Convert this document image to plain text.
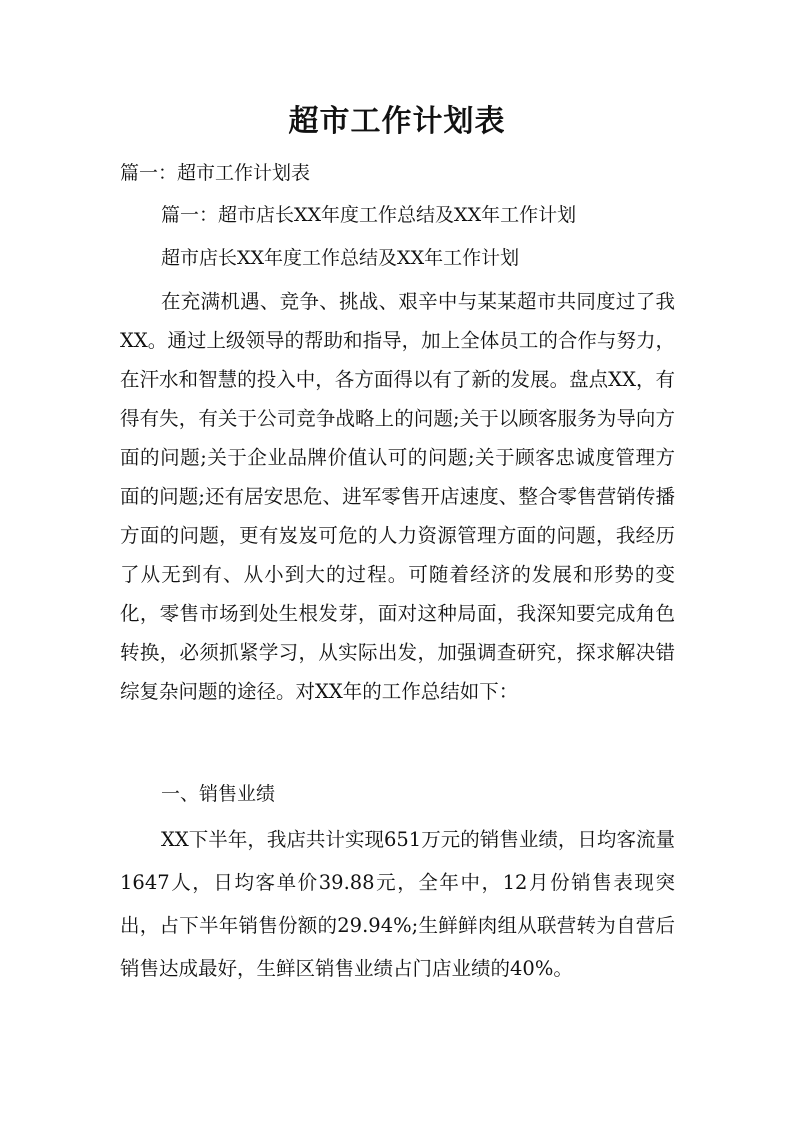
超市工作计划表
篇一：超市工作计划表
篇一：超市店长XX年度工作总结及XX年工作计划
超市店长XX年度工作总结及XX年工作计划

在充满机遇、竞争、挑战、艰辛中与某某超市共同度过了我XX。通过上级领导的帮助和指导，加上全体员工的合作与努力，在汗水和智慧的投入中，各方面得以有了新的发展。盘点XX，有得有失，有关于公司竞争战略上的问题;关于以顾客服务为导向方面的问题;关于企业品牌价值认可的问题;关于顾客忠诚度管理方面的问题;还有居安思危、进军零售开店速度、整合零售营销传播方面的问题，更有岌岌可危的人力资源管理方面的问题，我经历了从无到有、从小到大的过程。可随着经济的发展和形势的变化，零售市场到处生根发芽，面对这种局面，我深知要完成角色转换，必须抓紧学习，从实际出发，加强调查研究，探求解决错综复杂问题的途径。对XX年的工作总结如下：

一、销售业绩

XX下半年，我店共计实现651万元的销售业绩，日均客流量1647人，日均客单价39.88元，全年中，12月份销售表现突出，占下半年销售份额的29.94%;生鲜鲜肉组从联营转为自营后销售达成最好，生鲜区销售业绩占门店业绩的40%。
